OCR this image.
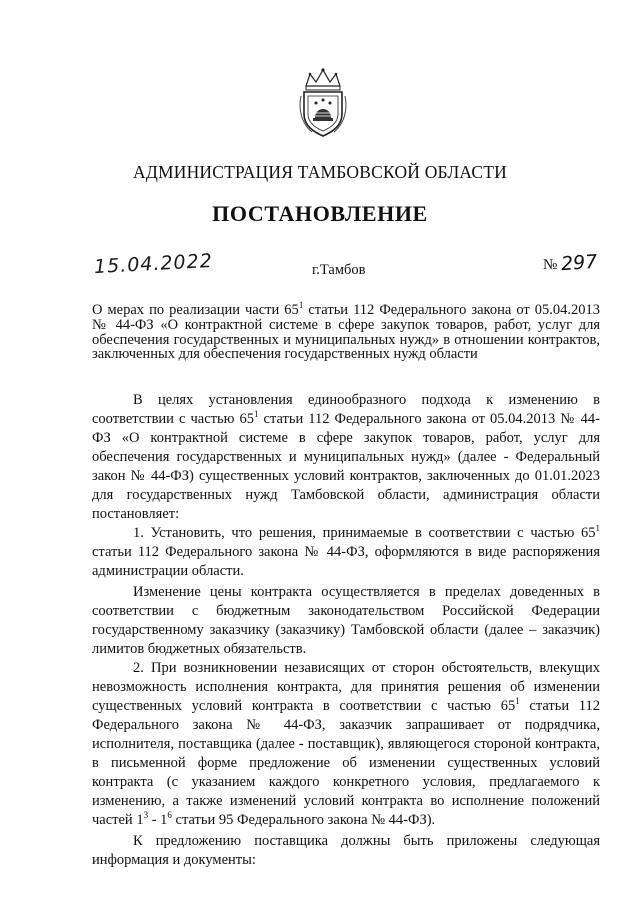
АДМИНИСТРАЦИЯ ТАМБОВСКОЙ ОБЛАСТИ
ПОСТАНОВЛЕНИЕ
15.04.2022	г.Тамбов	№ 297
О мерах по реализации части $65^1$ статьи 112 Федерального закона от 05.04.2013 № 44-ФЗ «О контрактной системе в сфере закупок товаров, работ, услуг для обеспечения государственных и муниципальных нужд» в отношении контрактов, заключенных для обеспечения государственных нужд области

В целях установления единообразного подхода к изменению в соответствии с частью $65^1$ статьи 112 Федерального закона от 05.04.2013 № 44-ФЗ «О контрактной системе в сфере закупок товаров, работ, услуг для обеспечения государственных и муниципальных нужд» (далее - Федеральный закон № 44-ФЗ) существенных условий контрактов, заключенных до 01.01.2023 для государственных нужд Тамбовской области, администрация области постановляет:

1. Установить, что решения, принимаемые в соответствии с частью $65^1$ статьи 112 Федерального закона № 44-ФЗ, оформляются в виде распоряжения администрации области.

Изменение цены контракта осуществляется в пределах доведенных в соответствии с бюджетным законодательством Российской Федерации государственному заказчику (заказчику) Тамбовской области (далее – заказчик) лимитов бюджетных обязательств.

2. При возникновении независящих от сторон обстоятельств, влекущих невозможность исполнения контракта, для принятия решения об изменении существенных условий контракта в соответствии с частью $65^1$ статьи 112 Федерального закона № 44-ФЗ, заказчик запрашивает от подрядчика, исполнителя, поставщика (далее - поставщик), являющегося стороной контракта, в письменной форме предложение об изменении существенных условий контракта (с указанием каждого конкретного условия, предлагаемого к изменению, а также изменений условий контракта во исполнение положений частей $1^3 - 1^6$ статьи 95 Федерального закона № 44-ФЗ).

К предложению поставщика должны быть приложены следующая информация и документы:
